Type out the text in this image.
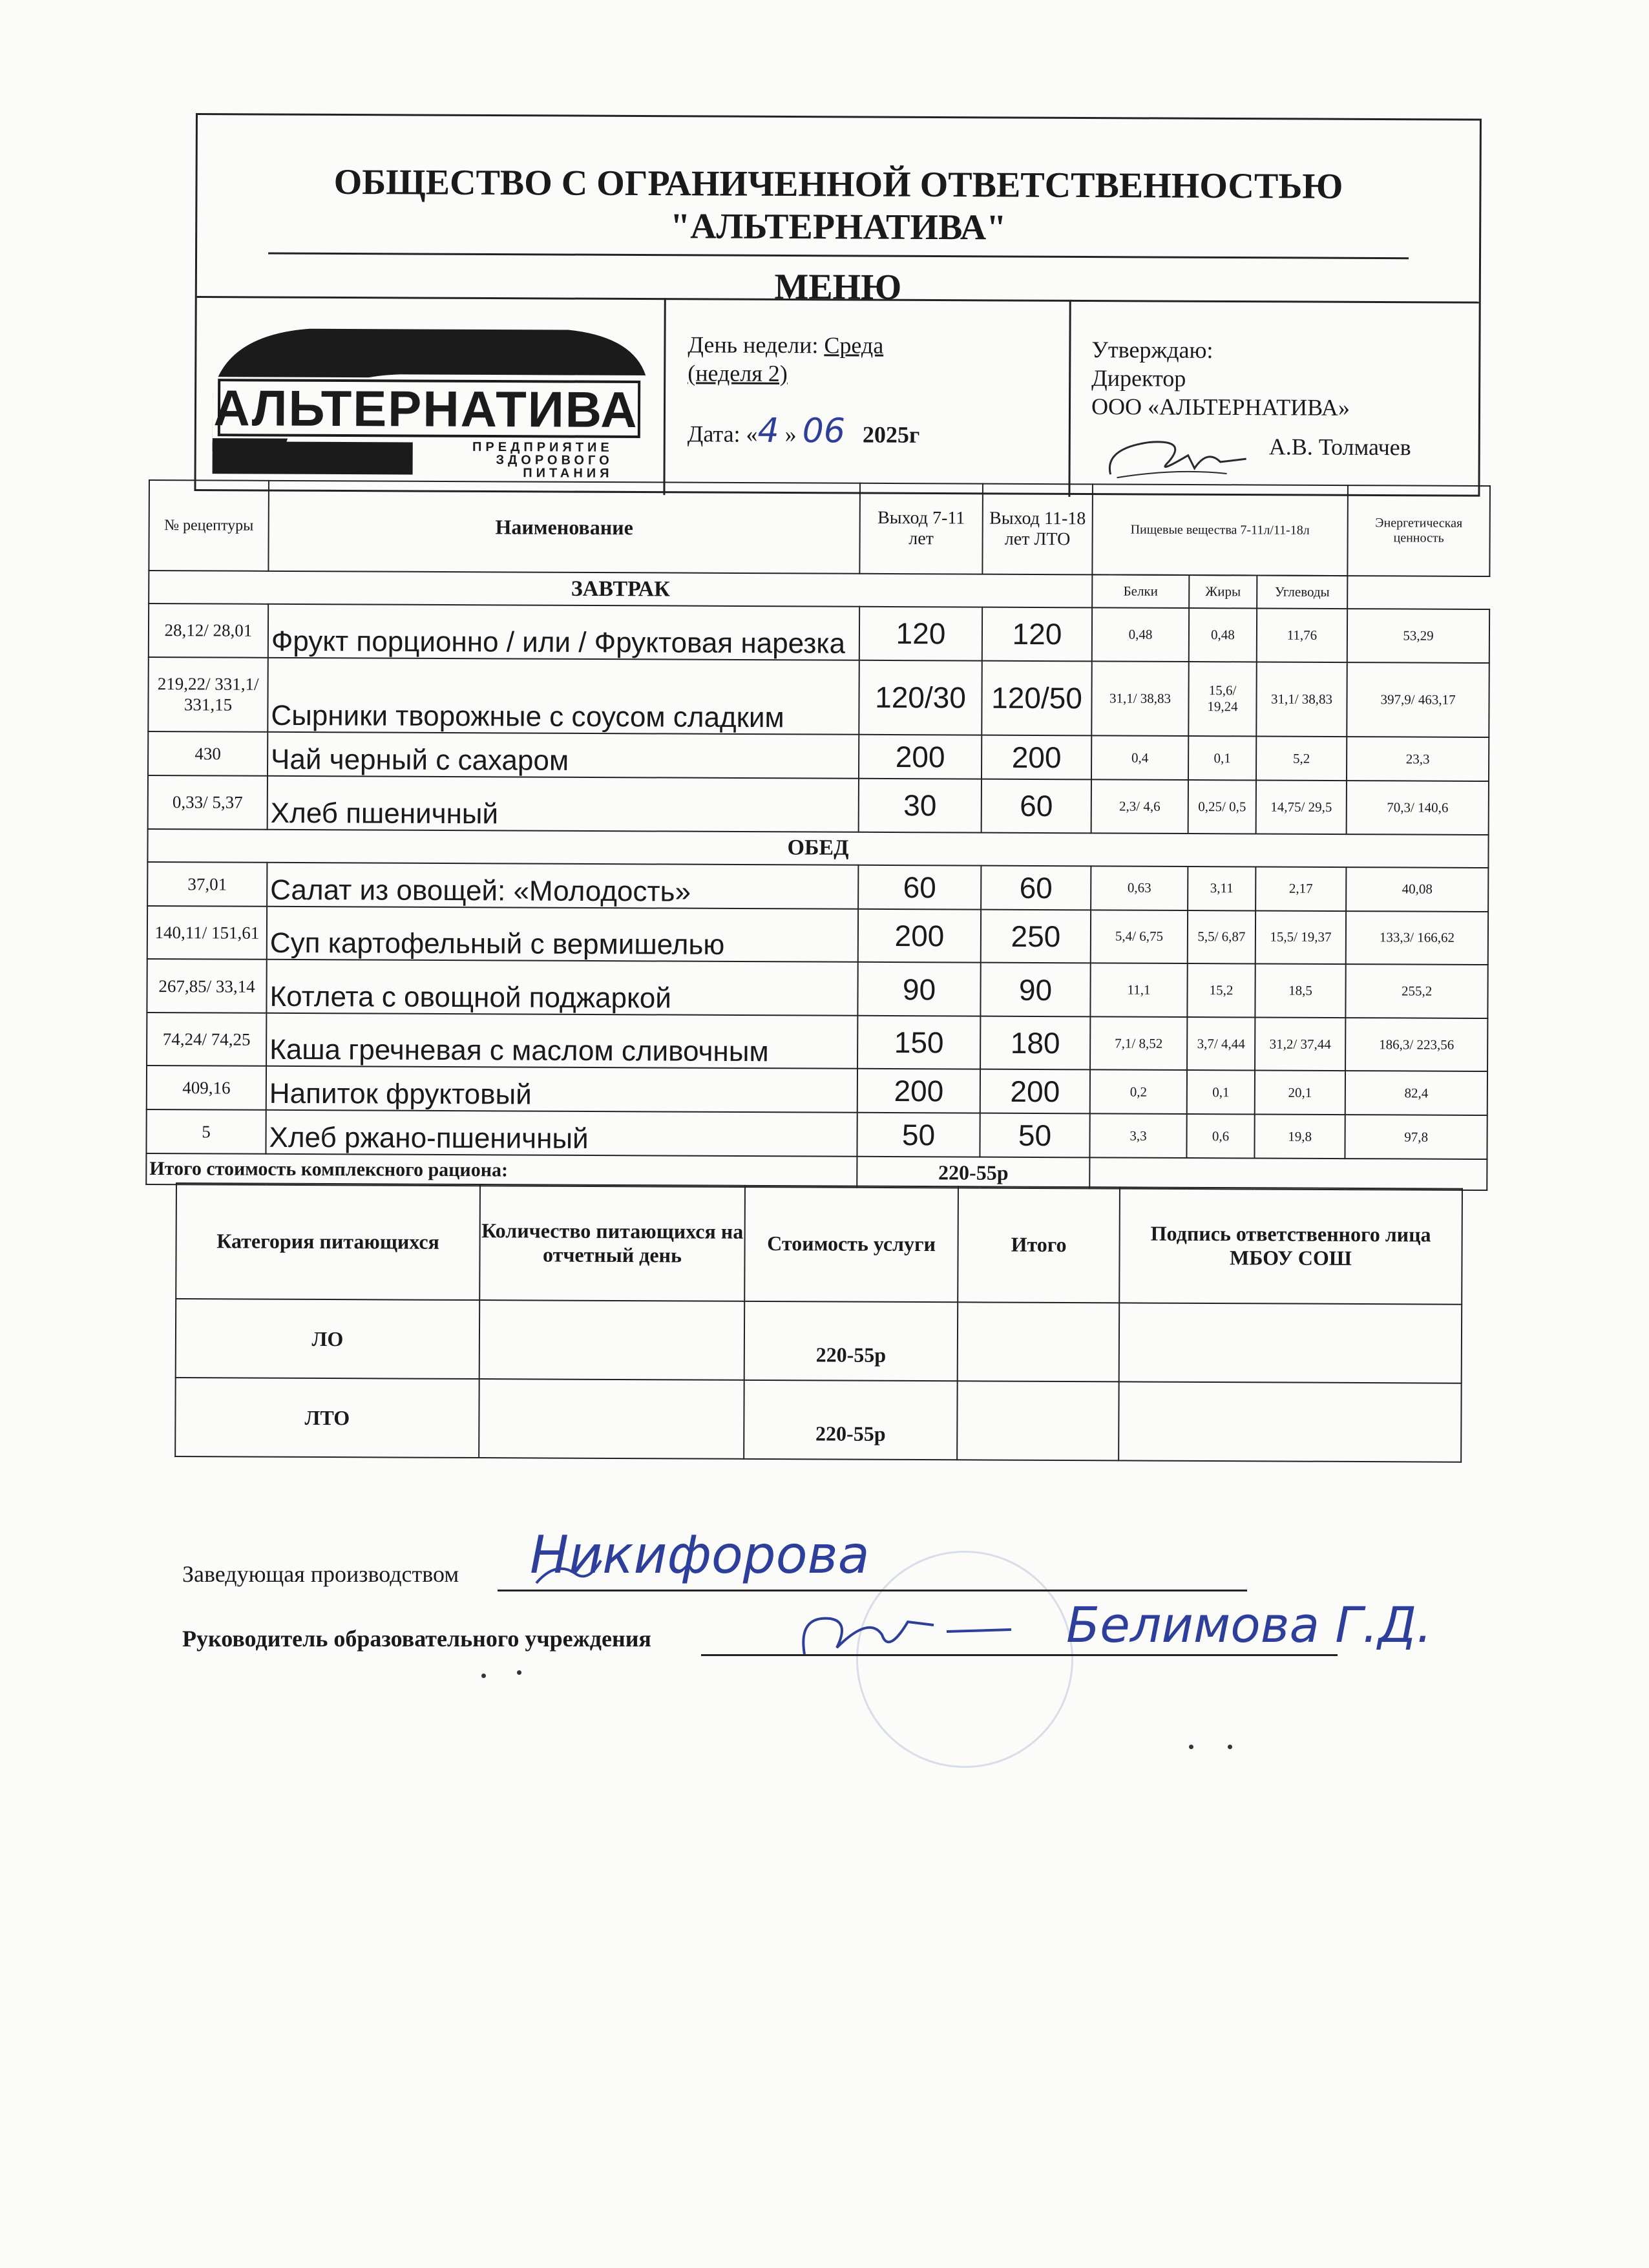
ОБЩЕСТВО С ОГРАНИЧЕННОЙ ОТВЕТСТВЕННОСТЬЮ
"АЛЬТЕРНАТИВА"
МЕНЮ
АЛЬТЕРНАТИВА
ПРЕДПРИЯТИЕ
ЗДОРОВОГО
ПИТАНИЯ
День недели: Среда
(неделя 2)
Дата: «4 » 06 2025г
Утверждаю:
Директор
ООО «АЛЬТЕРНАТИВА»
А.В. Толмачев
№ рецептуры	Наименование	Выход 7-11 лет	Выход 11-18 лет ЛТО	Пищевые вещества 7-11л/11-18л			Энергетическая ценность

ЗАВТРАК				Белки	Жиры	Углеводы	
28,12/ 28,01	Фрукт порционно / или / Фруктовая нарезка	120	120	0,48	0,48	11,76	53,29
219,22/ 331,1/ 331,15	Сырники творожные с соусом сладким	120/30	120/50	31,1/ 38,83	15,6/ 19,24	31,1/ 38,83	397,9/ 463,17
430	Чай черный с сахаром	200	200	0,4	0,1	5,2	23,3
0,33/ 5,37	Хлеб пшеничный	30	60	2,3/ 4,6	0,25/ 0,5	14,75/ 29,5	70,3/ 140,6
ОБЕД							
37,01	Салат из овощей: «Молодость»	60	60	0,63	3,11	2,17	40,08
140,11/ 151,61	Суп картофельный с вермишелью	200	250	5,4/ 6,75	5,5/ 6,87	15,5/ 19,37	133,3/ 166,62
267,85/ 33,14	Котлета с овощной поджаркой	90	90	11,1	15,2	18,5	255,2
74,24/ 74,25	Каша гречневая с маслом сливочным	150	180	7,1/ 8,52	3,7/ 4,44	31,2/ 37,44	186,3/ 223,56
409,16	Напиток фруктовый	200	200	0,2	0,1	20,1	82,4
5	Хлеб ржано-пшеничный	50	50	3,3	0,6	19,8	97,8
Итого стоимость комплексного рациона:		220-55р					
Категория питающихся	Количество питающихся на отчетный день	Стоимость услуги	Итого	Подпись ответственного лица МБОУ СОШ
ЛО		220-55р		
ЛТО		220-55р		
Заведующая производством Никифорова
Руководитель образовательного учреждения	Белимова Г.Д.
